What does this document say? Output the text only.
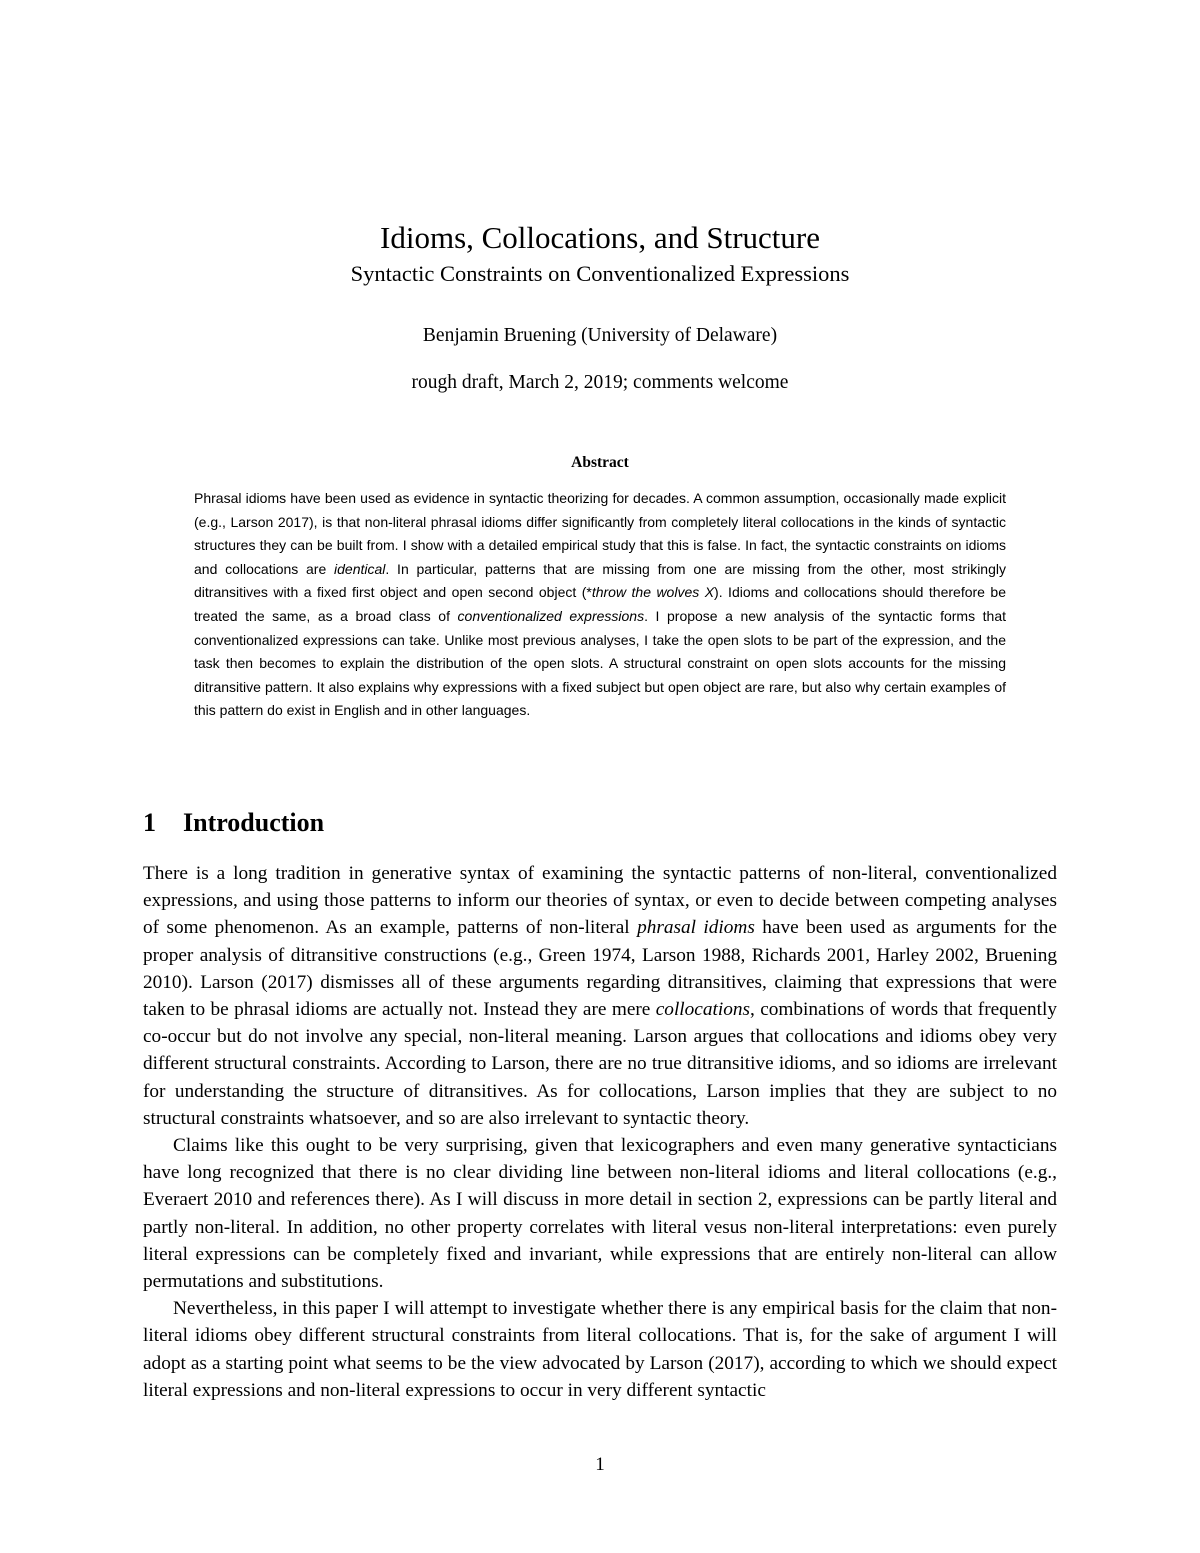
Idioms, Collocations, and Structure
Syntactic Constraints on Conventionalized Expressions
Benjamin Bruening (University of Delaware)
rough draft, March 2, 2019; comments welcome
Abstract

Phrasal idioms have been used as evidence in syntactic theorizing for decades. A common assumption, occasionally made explicit (e.g., Larson 2017), is that non-literal phrasal idioms differ significantly from completely literal collocations in the kinds of syntactic structures they can be built from. I show with a detailed empirical study that this is false. In fact, the syntactic constraints on idioms and collocations are identical. In particular, patterns that are missing from one are missing from the other, most strikingly ditransitives with a fixed first object and open second object (*throw the wolves X). Idioms and collocations should therefore be treated the same, as a broad class of conventionalized expressions. I propose a new analysis of the syntactic forms that conventionalized expressions can take. Unlike most previous analyses, I take the open slots to be part of the expression, and the task then becomes to explain the distribution of the open slots. A structural constraint on open slots accounts for the missing ditransitive pattern. It also explains why expressions with a fixed subject but open object are rare, but also why certain examples of this pattern do exist in English and in other languages.

1 Introduction

There is a long tradition in generative syntax of examining the syntactic patterns of non-literal, conventionalized expressions, and using those patterns to inform our theories of syntax, or even to decide between competing analyses of some phenomenon. As an example, patterns of non-literal phrasal idioms have been used as arguments for the proper analysis of ditransitive constructions (e.g., Green 1974, Larson 1988, Richards 2001, Harley 2002, Bruening 2010). Larson (2017) dismisses all of these arguments regarding ditransitives, claiming that expressions that were taken to be phrasal idioms are actually not. Instead they are mere collocations, combinations of words that frequently co-occur but do not involve any special, non-literal meaning. Larson argues that collocations and idioms obey very different structural constraints. According to Larson, there are no true ditransitive idioms, and so idioms are irrelevant for understanding the structure of ditransitives. As for collocations, Larson implies that they are subject to no structural constraints whatsoever, and so are also irrelevant to syntactic theory.

Claims like this ought to be very surprising, given that lexicographers and even many generative syntacticians have long recognized that there is no clear dividing line between non-literal idioms and literal collocations (e.g., Everaert 2010 and references there). As I will discuss in more detail in section 2, expressions can be partly literal and partly non-literal. In addition, no other property correlates with literal vesus non-literal interpretations: even purely literal expressions can be completely fixed and invariant, while expressions that are entirely non-literal can allow permutations and substitutions.

Nevertheless, in this paper I will attempt to investigate whether there is any empirical basis for the claim that non-literal idioms obey different structural constraints from literal collocations. That is, for the sake of argument I will adopt as a starting point what seems to be the view advocated by Larson (2017), according to which we should expect literal expressions and non-literal expressions to occur in very different syntactic

1
